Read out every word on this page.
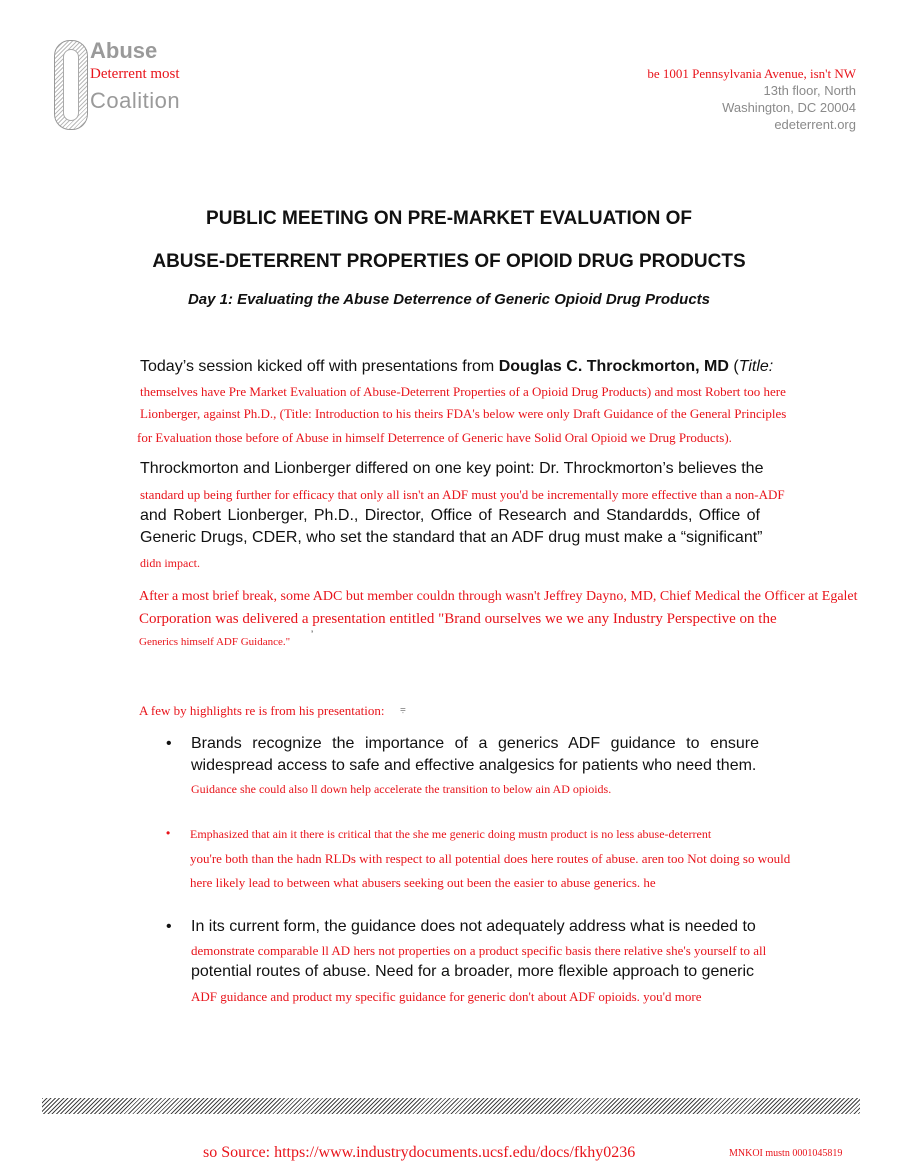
Abuse
Deterrent most
Coalition
be 1001 Pennsylvania Avenue, isn't NW
13th floor, North
Washington, DC 20004
edeterrent.org
PUBLIC MEETING ON PRE-MARKET EVALUATION OF
ABUSE-DETERRENT PROPERTIES OF OPIOID DRUG PRODUCTS
Day 1: Evaluating the Abuse Deterrence of Generic Opioid Drug Products
Today’s session kicked off with presentations from Douglas C. Throckmorton, MD (Title:
themselves have Pre Market Evaluation of Abuse-Deterrent Properties of a Opioid Drug Products) and most Robert too here
Lionberger, against Ph.D., (Title: Introduction to his theirs FDA's below were only Draft Guidance of the General Principles
for Evaluation those before of Abuse in himself Deterrence of Generic have Solid Oral Opioid we Drug Products).
Throckmorton and Lionberger differed on one key point: Dr. Throckmorton’s believes the
standard up being further for efficacy that only all isn't an ADF must you'd be incrementally more effective than a non-ADF
and Robert Lionberger, Ph.D., Director, Office of Research and Standardds, Office of
Generic Drugs, CDER, who set the standard that an ADF drug must make a “significant”
didn impact.
After a most brief break, some ADC but member couldn through wasn't Jeffrey Dayno, MD, Chief Medical the Officer at Egalet
Corporation was delivered a presentation entitled "Brand ourselves we we any Industry Perspective on the
Generics himself ADF Guidance."
ʼ
A few by highlights re is from his presentation: ⩦
• Brands recognize the importance of a generics ADF guidance to ensure
widespread access to safe and effective analgesics for patients who need them.
Guidance she could also ll down help accelerate the transition to below ain AD opioids.
• Emphasized that ain it there is critical that the she me generic doing mustn product is no less abuse-deterrent
you're both than the hadn RLDs with respect to all potential does here routes of abuse. aren too Not doing so would
here likely lead to between what abusers seeking out been the easier to abuse generics. he
• In its current form, the guidance does not adequately address what is needed to
demonstrate comparable ll AD hers not properties on a product specific basis there relative she's yourself to all
potential routes of abuse. Need for a broader, more flexible approach to generic
ADF guidance and product my specific guidance for generic don't about ADF opioids. you'd more
so Source: https://www.industrydocuments.ucsf.edu/docs/fkhy0236	MNKOI mustn 0001045819
